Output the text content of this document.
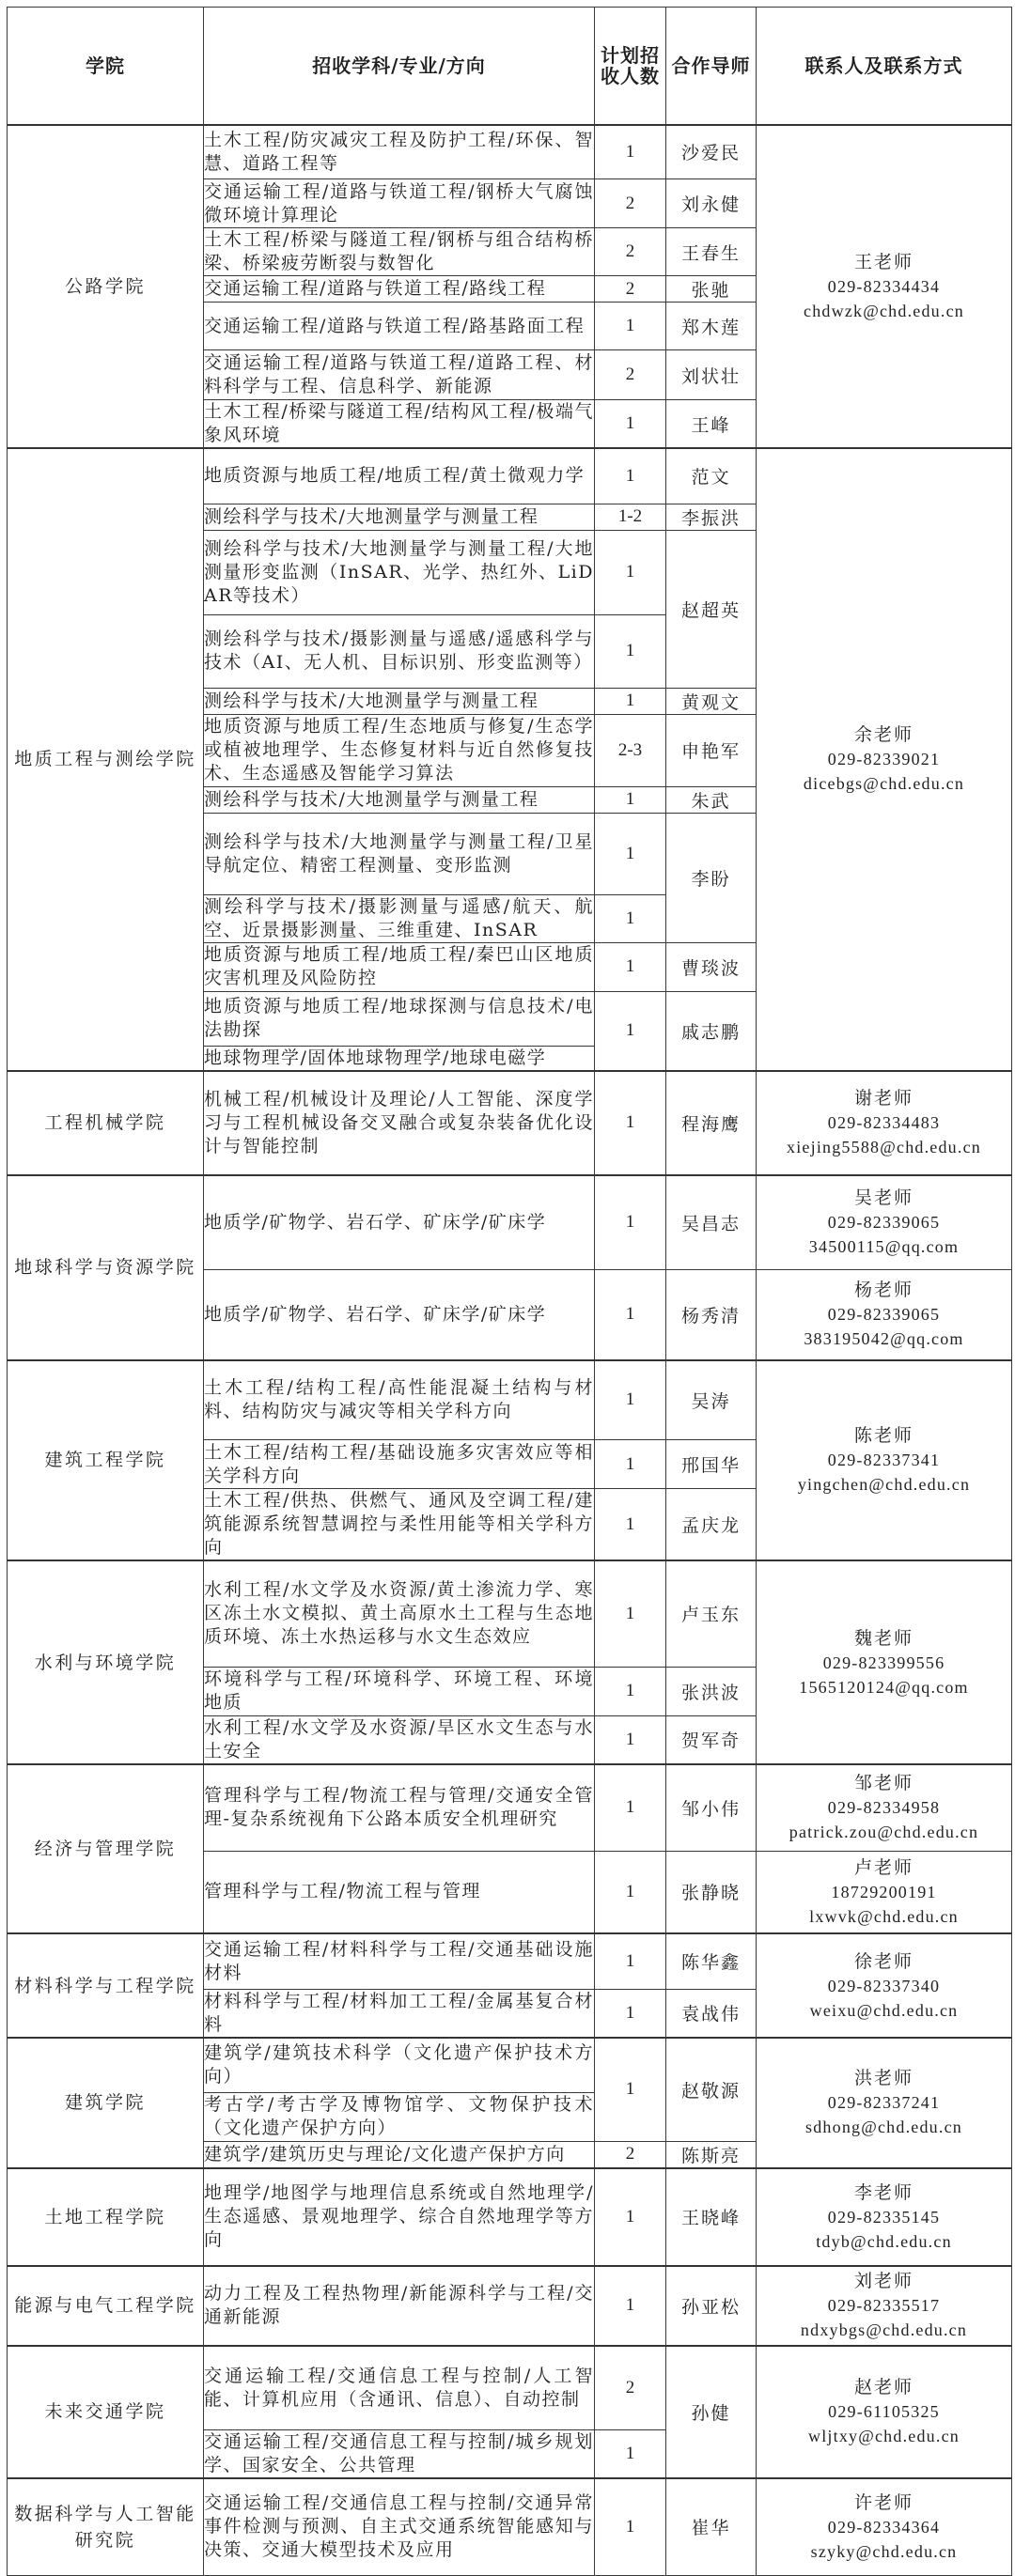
学院	招收学科/专业/方向	计划招收人数	合作导师	联系人及联系方式
公路学院	土木工程/防灾减灾工程及防护工程/环保、智慧、道路工程等	1	沙爱民	王老师
029-82334434
chdwzk@chd.edu.cn

	交通运输工程/道路与铁道工程/钢桥大气腐蚀微环境计算理论	2	刘永健	
	土木工程/桥梁与隧道工程/钢桥与组合结构桥梁、桥梁疲劳断裂与数智化	2	王春生	
	交通运输工程/道路与铁道工程/路线工程	2	张驰	
	交通运输工程/道路与铁道工程/路基路面工程	1	郑木莲	
	交通运输工程/道路与铁道工程/道路工程、材料科学与工程、信息科学、新能源	2	刘状壮	
	土木工程/桥梁与隧道工程/结构风工程/极端气象风环境	1	王峰	
地质工程与测绘学院	地质资源与地质工程/地质工程/黄土微观力学	1	范文	余老师
029-82339021
dicebgs@chd.edu.cn

	测绘科学与技术/大地测量学与测量工程	1-2	李振洪	
	测绘科学与技术/大地测量学与测量工程/大地测量形变监测（InSAR、光学、热红外、LiDAR等技术）	1	赵超英	
	测绘科学与技术/摄影测量与遥感/遥感科学与技术（AI、无人机、目标识别、形变监测等）	1		
	测绘科学与技术/大地测量学与测量工程	1	黄观文	
	地质资源与地质工程/生态地质与修复/生态学或植被地理学、生态修复材料与近自然修复技术、生态遥感及智能学习算法	2-3	申艳军	
	测绘科学与技术/大地测量学与测量工程	1	朱武	
	测绘科学与技术/大地测量学与测量工程/卫星导航定位、精密工程测量、变形监测	1	李盼	
	测绘科学与技术/摄影测量与遥感/航天、航空、近景摄影测量、三维重建、InSAR	1		
	地质资源与地质工程/地质工程/秦巴山区地质灾害机理及风险防控	1	曹琰波	
	地质资源与地质工程/地球探测与信息技术/电法勘探	1	戚志鹏	
	地球物理学/固体地球物理学/地球电磁学			
工程机械学院	机械工程/机械设计及理论/人工智能、深度学习与工程机械设备交叉融合或复杂装备优化设计与智能控制	1	程海鹰	谢老师
029-82334483
xiejing5588@chd.edu.cn

地球科学与资源学院	地质学/矿物学、岩石学、矿床学/矿床学	1	吴昌志	吴老师
029-82339065
34500115@qq.com

	地质学/矿物学、岩石学、矿床学/矿床学	1	杨秀清	杨老师
029-82339065
383195042@qq.com

建筑工程学院	土木工程/结构工程/高性能混凝土结构与材料、结构防灾与减灾等相关学科方向	1	吴涛	陈老师
029-82337341
yingchen@chd.edu.cn

	土木工程/结构工程/基础设施多灾害效应等相关学科方向	1	邢国华	
	土木工程/供热、供燃气、通风及空调工程/建筑能源系统智慧调控与柔性用能等相关学科方向	1	孟庆龙	
水利与环境学院	水利工程/水文学及水资源/黄土渗流力学、寒区冻土水文模拟、黄土高原水土工程与生态地质环境、冻土水热运移与水文生态效应	1	卢玉东	魏老师
029-823399556
1565120124@qq.com

	环境科学与工程/环境科学、环境工程、环境地质	1	张洪波	
	水利工程/水文学及水资源/旱区水文生态与水土安全	1	贺军奇	
经济与管理学院	管理科学与工程/物流工程与管理/交通安全管理-复杂系统视角下公路本质安全机理研究	1	邹小伟	邹老师
029-82334958
patrick.zou@chd.edu.cn

	管理科学与工程/物流工程与管理	1	张静晓	卢老师
18729200191
lxwvk@chd.edu.cn

材料科学与工程学院	交通运输工程/材料科学与工程/交通基础设施材料	1	陈华鑫	徐老师
029-82337340
weixu@chd.edu.cn

	材料科学与工程/材料加工工程/金属基复合材料	1	袁战伟	
建筑学院	建筑学/建筑技术科学（文化遗产保护技术方向）	1	赵敬源	洪老师
029-82337241
sdhong@chd.edu.cn

	考古学/考古学及博物馆学、文物保护技术（文化遗产保护方向）			
	建筑学/建筑历史与理论/文化遗产保护方向	2	陈斯亮	
土地工程学院	地理学/地图学与地理信息系统或自然地理学/生态遥感、景观地理学、综合自然地理学等方向	1	王晓峰	李老师
029-82335145
tdyb@chd.edu.cn

能源与电气工程学院	动力工程及工程热物理/新能源科学与工程/交通新能源	1	孙亚松	刘老师
029-82335517
ndxybgs@chd.edu.cn

未来交通学院	交通运输工程/交通信息工程与控制/人工智能、计算机应用（含通讯、信息）、自动控制	2	孙健	赵老师
029-61105325
wljtxy@chd.edu.cn

	交通运输工程/交通信息工程与控制/城乡规划学、国家安全、公共管理	1		
数据科学与人工智能研究院	交通运输工程/交通信息工程与控制/交通异常事件检测与预测、自主式交通系统智能感知与决策、交通大模型技术及应用	1	崔华	许老师
029-82334364
szyky@chd.edu.cn
